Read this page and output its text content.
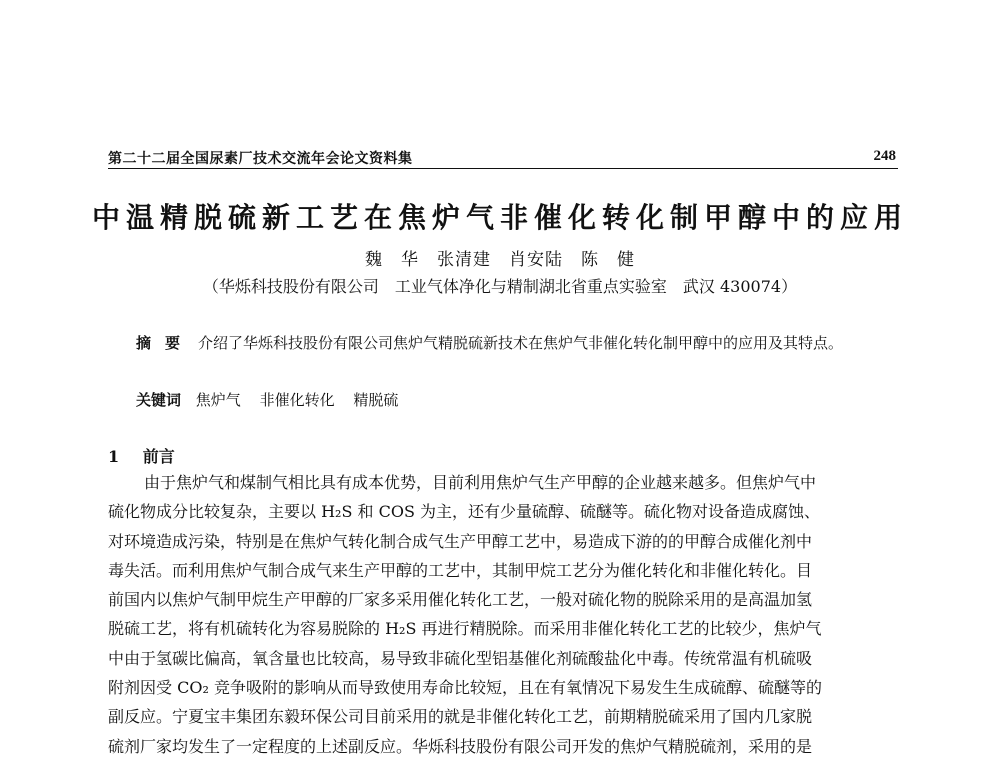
第二十二届全国尿素厂技术交流年会论文资料集	248
中温精脱硫新工艺在焦炉气非催化转化制甲醇中的应用
魏　华　张清建　肖安陆　陈　健
（华烁科技股份有限公司　工业气体净化与精制湖北省重点实验室　武汉 430074）
摘要 介绍了华烁科技股份有限公司焦炉气精脱硫新技术在焦炉气非催化转化制甲醇中的应用及其特点。
关键词 焦炉气 非催化转化 精脱硫
1 前言
由于焦炉气和煤制气相比具有成本优势，目前利用焦炉气生产甲醇的企业越来越多。但焦炉气中
硫化物成分比较复杂，主要以 H₂S 和 COS 为主，还有少量硫醇、硫醚等。硫化物对设备造成腐蚀、
对环境造成污染，特别是在焦炉气转化制合成气生产甲醇工艺中，易造成下游的的甲醇合成催化剂中
毒失活。而利用焦炉气制合成气来生产甲醇的工艺中，其制甲烷工艺分为催化转化和非催化转化。目
前国内以焦炉气制甲烷生产甲醇的厂家多采用催化转化工艺，一般对硫化物的脱除采用的是高温加氢
脱硫工艺，将有机硫转化为容易脱除的 H₂S 再进行精脱除。而采用非催化转化工艺的比较少，焦炉气
中由于氢碳比偏高，氧含量也比较高，易导致非硫化型铝基催化剂硫酸盐化中毒。传统常温有机硫吸
附剂因受 CO₂ 竞争吸附的影响从而导致使用寿命比较短，且在有氧情况下易发生生成硫醇、硫醚等的
副反应。宁夏宝丰集团东毅环保公司目前采用的就是非催化转化工艺，前期精脱硫采用了国内几家脱
硫剂厂家均发生了一定程度的上述副反应。华烁科技股份有限公司开发的焦炉气精脱硫剂，采用的是
